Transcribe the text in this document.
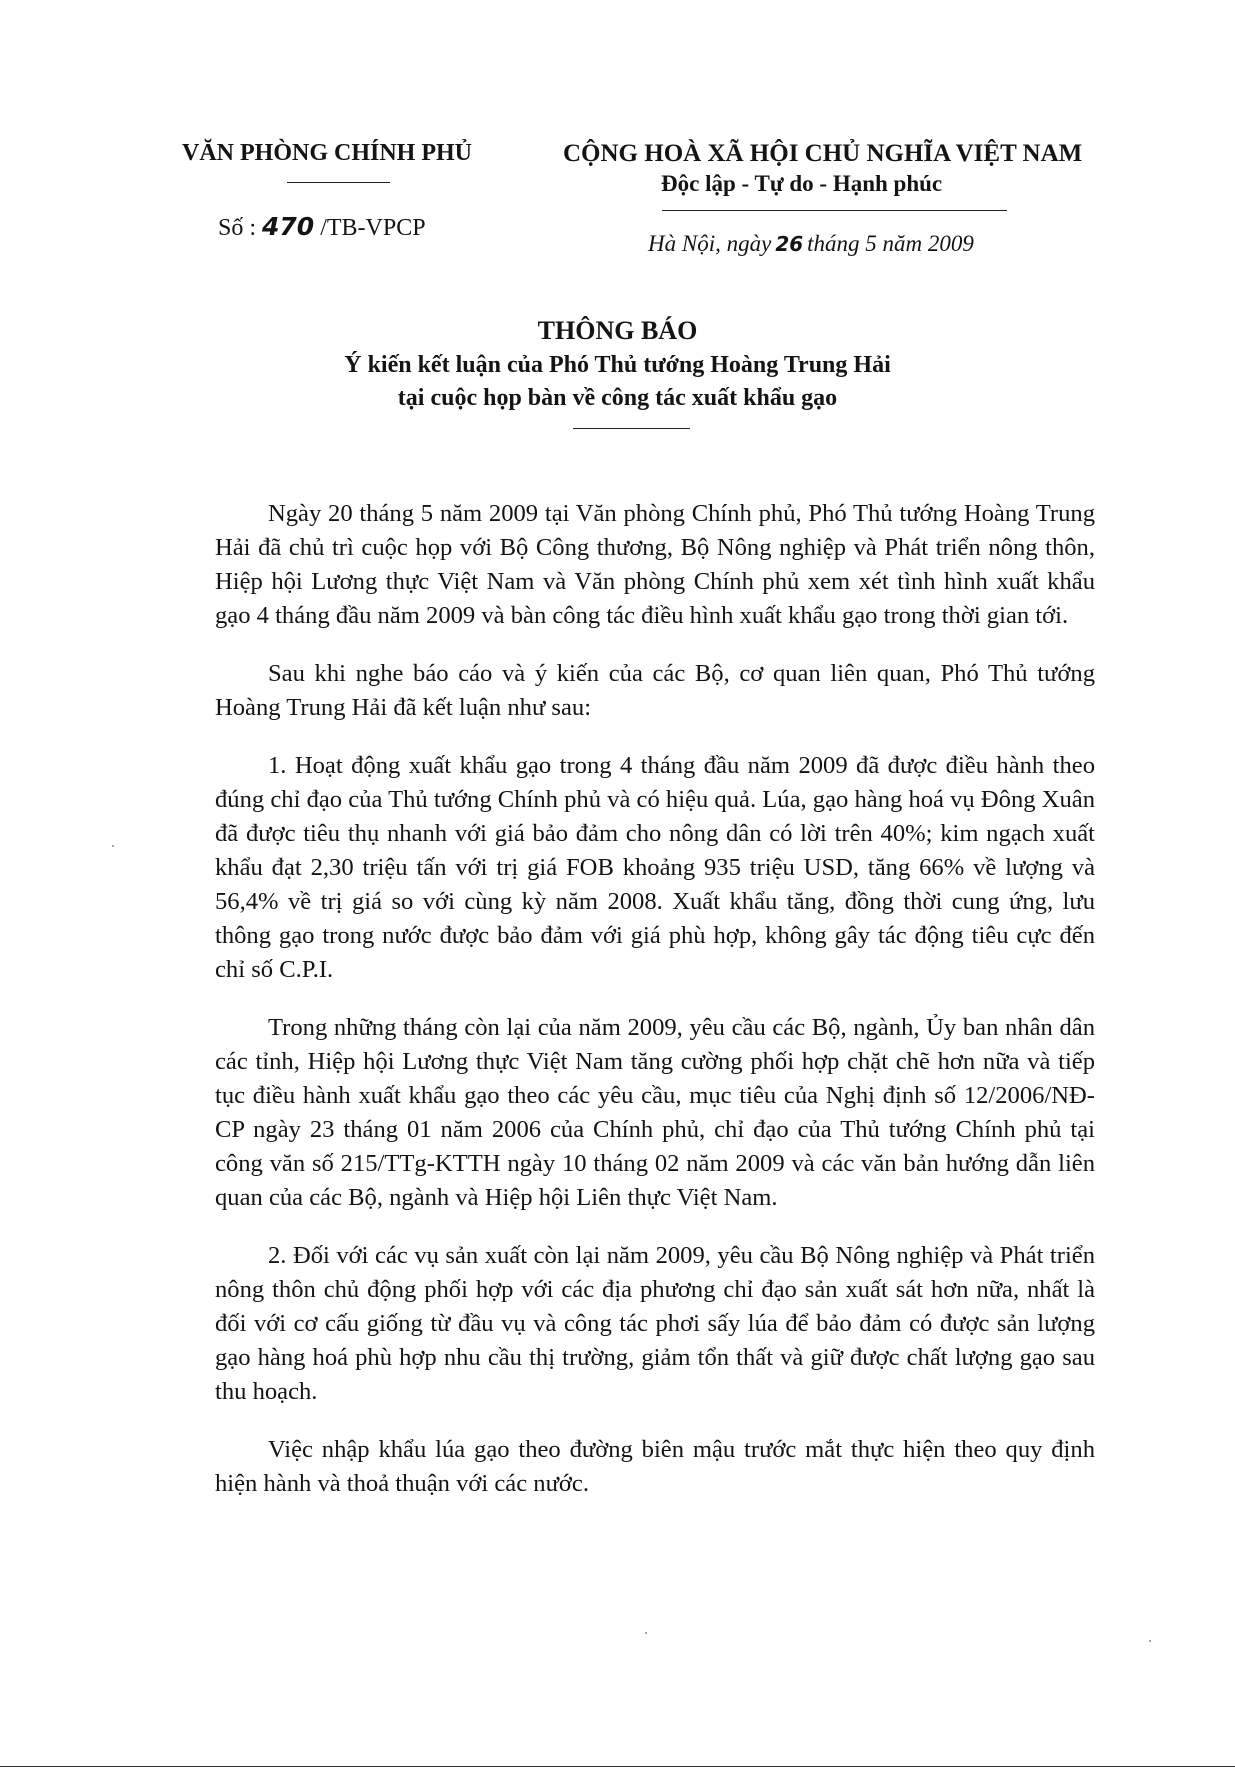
VĂN PHÒNG CHÍNH PHỦ
Số : 470 /TB-VPCP
CỘNG HOÀ XÃ HỘI CHỦ NGHĨA VIỆT NAM
Độc lập - Tự do - Hạnh phúc
Hà Nội, ngày 26 tháng 5 năm 2009
THÔNG BÁO
Ý kiến kết luận của Phó Thủ tướng Hoàng Trung Hải
tại cuộc họp bàn về công tác xuất khẩu gạo

Ngày 20 tháng 5 năm 2009 tại Văn phòng Chính phủ, Phó Thủ tướng Hoàng Trung Hải đã chủ trì cuộc họp với Bộ Công thương, Bộ Nông nghiệp và Phát triển nông thôn, Hiệp hội Lương thực Việt Nam và Văn phòng Chính phủ xem xét tình hình xuất khẩu gạo 4 tháng đầu năm 2009 và bàn công tác điều hình xuất khẩu gạo trong thời gian tới.

Sau khi nghe báo cáo và ý kiến của các Bộ, cơ quan liên quan, Phó Thủ tướng Hoàng Trung Hải đã kết luận như sau:

1. Hoạt động xuất khẩu gạo trong 4 tháng đầu năm 2009 đã được điều hành theo đúng chỉ đạo của Thủ tướng Chính phủ và có hiệu quả. Lúa, gạo hàng hoá vụ Đông Xuân đã được tiêu thụ nhanh với giá bảo đảm cho nông dân có lời trên 40%; kim ngạch xuất khẩu đạt 2,30 triệu tấn với trị giá FOB khoảng 935 triệu USD, tăng 66% về lượng và 56,4% về trị giá so với cùng kỳ năm 2008. Xuất khẩu tăng, đồng thời cung ứng, lưu thông gạo trong nước được bảo đảm với giá phù hợp, không gây tác động tiêu cực đến chỉ số C.P.I.

Trong những tháng còn lại của năm 2009, yêu cầu các Bộ, ngành, Ủy ban nhân dân các tỉnh, Hiệp hội Lương thực Việt Nam tăng cường phối hợp chặt chẽ hơn nữa và tiếp tục điều hành xuất khẩu gạo theo các yêu cầu, mục tiêu của Nghị định số 12/2006/NĐ-CP ngày 23 tháng 01 năm 2006 của Chính phủ, chỉ đạo của Thủ tướng Chính phủ tại công văn số 215/TTg-KTTH ngày 10 tháng 02 năm 2009 và các văn bản hướng dẫn liên quan của các Bộ, ngành và Hiệp hội Liên thực Việt Nam.

2. Đối với các vụ sản xuất còn lại năm 2009, yêu cầu Bộ Nông nghiệp và Phát triển nông thôn chủ động phối hợp với các địa phương chỉ đạo sản xuất sát hơn nữa, nhất là đối với cơ cấu giống từ đầu vụ và công tác phơi sấy lúa để bảo đảm có được sản lượng gạo hàng hoá phù hợp nhu cầu thị trường, giảm tổn thất và giữ được chất lượng gạo sau thu hoạch.

Việc nhập khẩu lúa gạo theo đường biên mậu trước mắt thực hiện theo quy định hiện hành và thoả thuận với các nước.
